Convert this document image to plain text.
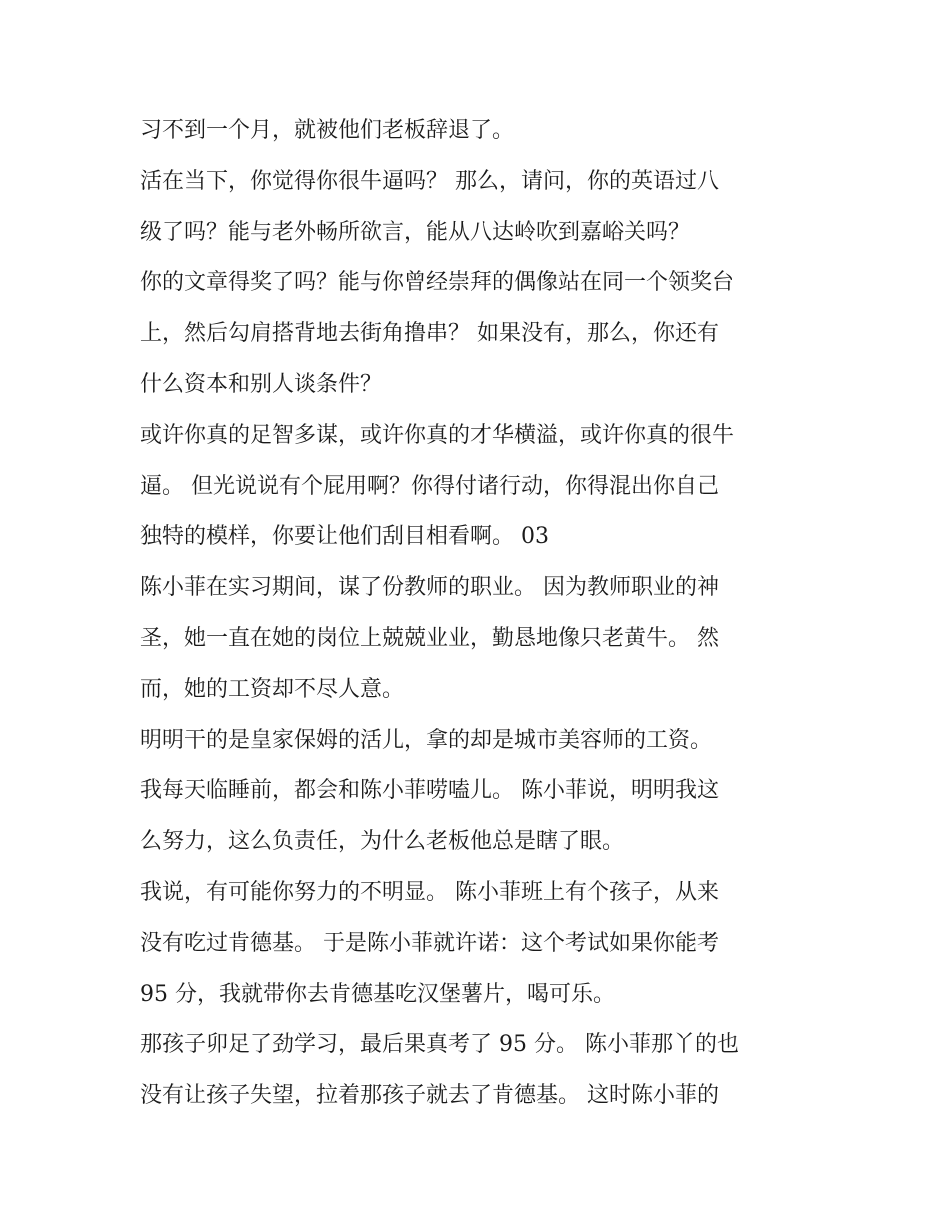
习不到一个月，就被他们老板辞退了。
活在当下，你觉得你很牛逼吗？ 那么，请问，你的英语过八
级了吗？能与老外畅所欲言，能从八达岭吹到嘉峪关吗？
你的文章得奖了吗？能与你曾经崇拜的偶像站在同一个领奖台
上，然后勾肩搭背地去街角撸串？ 如果没有，那么，你还有
什么资本和别人谈条件？
或许你真的足智多谋，或许你真的才华横溢，或许你真的很牛
逼。 但光说说有个屁用啊？你得付诸行动，你得混出你自己
独特的模样，你要让他们刮目相看啊。 03
陈小菲在实习期间，谋了份教师的职业。 因为教师职业的神
圣，她一直在她的岗位上兢兢业业，勤恳地像只老黄牛。 然
而，她的工资却不尽人意。
明明干的是皇家保姆的活儿，拿的却是城市美容师的工资。
我每天临睡前，都会和陈小菲唠嗑儿。 陈小菲说，明明我这
么努力，这么负责任，为什么老板他总是瞎了眼。
我说，有可能你努力的不明显。 陈小菲班上有个孩子，从来
没有吃过肯德基。 于是陈小菲就许诺：这个考试如果你能考
95 分，我就带你去肯德基吃汉堡薯片，喝可乐。
那孩子卯足了劲学习，最后果真考了 95 分。 陈小菲那丫的也
没有让孩子失望，拉着那孩子就去了肯德基。 这时陈小菲的
